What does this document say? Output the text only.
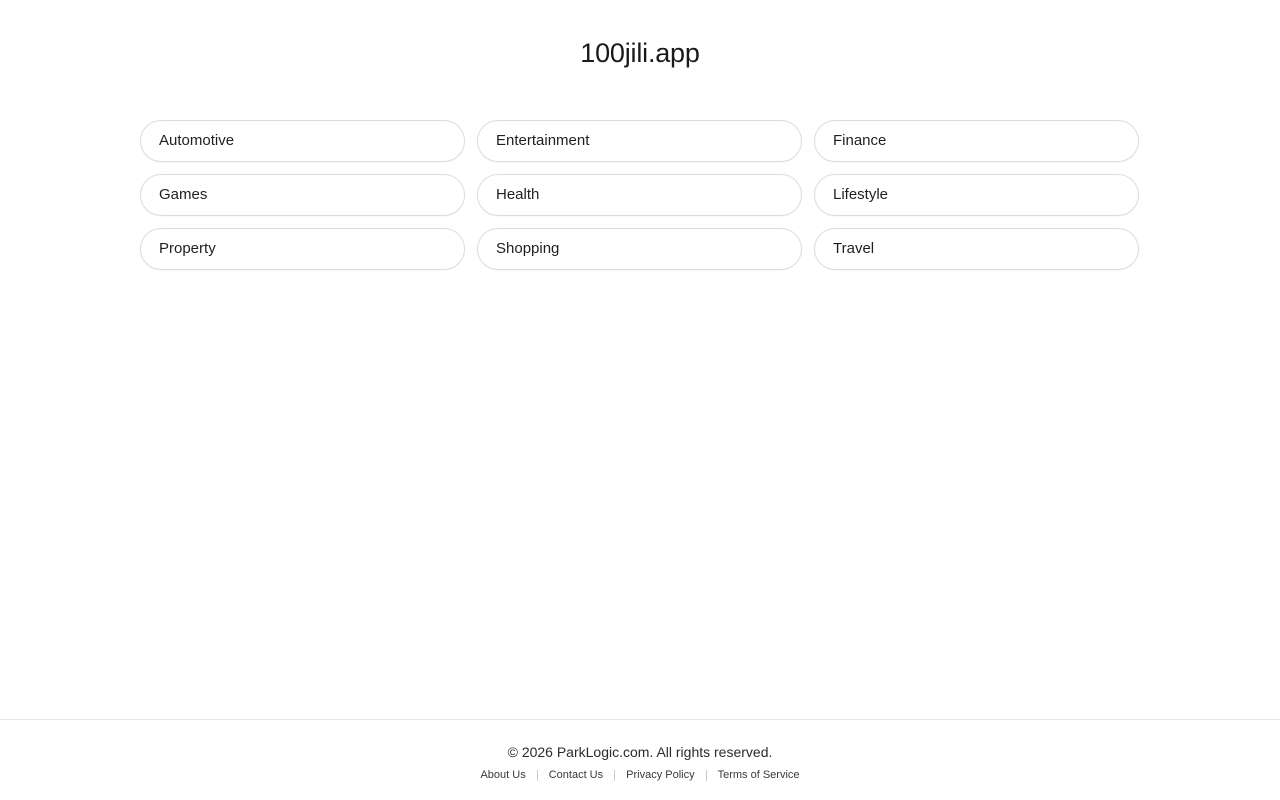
100jili.app
Automotive	Entertainment	Finance
Games	Health	Lifestyle
Property	Shopping	Travel
© 2026 ParkLogic.com. All rights reserved.
About Us	Contact Us	Privacy Policy	Terms of Service
